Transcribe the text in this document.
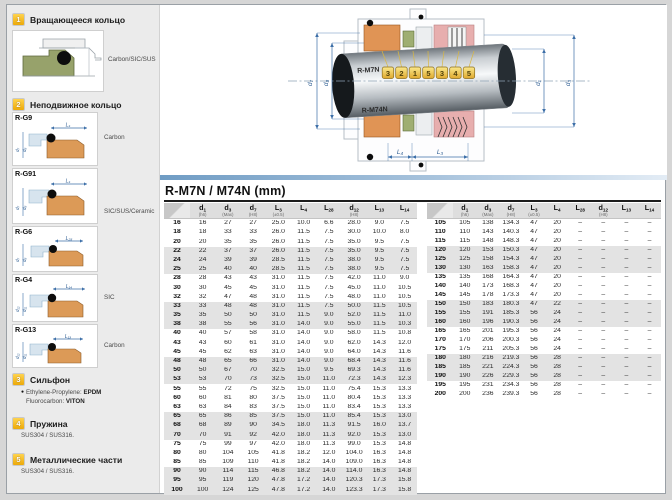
1	Вращающееся кольцо
Carbon/SIC/SUS
2	Неподвижное кольцо
R-G9
L₄
d₇ d₈
Carbon
R-G91
L₄
d₇ d₈
SIC/SUS/Ceramic
R-G6
L₂₈
d₇ d₈
R-G4
L₁₄
d₁₂ d₁₁
SIC
R-G13
L₁₃
d₁₂ d₁₁
Carbon
3	Сильфон
● Ethylene-Propylene: EPDM
Fluorocarbon: VITON
4	Пружина
SUS304 / SUS316.
5	Металлические части
SUS304 / SUS316.
R-M7N
R-M74N
3 2 1 5 3 4 5
d₇ d₈	d₁	d₃
L₄	L₃
R-M7N / M74N (mm)
$d_1$
(h6)
$d_3$
(Max)
$d_7$
(H8)
$L_3$
(±0.5)
$L_4$
	$L_{28}$
	$d_{12}$
(H8)
$L_{13}$
	$L_{14}$

16	16	27	27	25.0	10.0	6.6	28.0	9.0	7.5
18	18	33	33	26.0	11.5	7.5	30.0	10.0	8.0
20	20	35	35	26.0	11.5	7.5	35.0	9.5	7.5
22	22	37	37	26.0	11.5	7.5	35.0	9.5	7.5
24	24	39	39	28.5	11.5	7.5	38.0	9.5	7.5
25	25	40	40	28.5	11.5	7.5	38.0	9.5	7.5
28	28	43	43	31.0	11.5	7.5	42.0	11.0	9.0
30	30	45	45	31.0	11.5	7.5	45.0	11.0	10.5
32	32	47	48	31.0	11.5	7.5	48.0	11.0	10.5
33	33	48	48	31.0	11.5	7.5	50.0	11.5	10.5
35	35	50	50	31.0	11.5	9.0	52.0	11.5	11.0
38	38	55	56	31.0	14.0	9.0	55.0	11.5	10.3
40	40	57	58	31.0	14.0	9.0	58.0	11.5	10.8
43	43	60	61	31.0	14.0	9.0	62.0	14.3	12.0
45	45	62	63	31.0	14.0	9.0	64.0	14.3	11.6
48	48	65	66	31.0	14.0	9.0	68.4	14.3	11.6
50	50	67	70	32.5	15.0	9.5	69.3	14.3	11.6
53	53	70	73	32.5	15.0	11.0	72.3	14.3	12.3
55	55	72	75	32.5	15.0	11.0	75.4	15.3	13.3
60	60	81	80	37.5	15.0	11.0	80.4	15.3	13.3
63	63	84	83	37.5	15.0	11.0	83.4	15.3	13.3
65	65	86	85	37.5	15.0	11.0	85.4	15.3	13.0
68	68	89	90	34.5	18.0	11.3	91.5	16.0	13.7
70	70	91	92	42.0	18.0	11.3	92.0	15.3	13.0
75	75	99	97	42.0	18.0	11.3	99.0	15.3	14.8
80	80	104	105	41.8	18.2	12.0	104.0	16.3	14.8
85	85	109	110	41.8	18.2	14.0	109.0	16.3	14.8
90	90	114	115	46.8	18.2	14.0	114.0	16.3	14.8
95	95	119	120	47.8	17.2	14.0	120.3	17.3	15.8
100	100	124	125	47.8	17.2	14.0	123.3	17.3	15.8
$d_1$
(h6)
$d_3$
(Max)
$d_7$
(H8)
$L_3$
(±0.5)
$L_4$
	$L_{28}$
	$d_{12}$
(H8)
$L_{13}$
	$L_{14}$

105	105	138	134.3	47	20	–	–	–	–
110	110	143	140.3	47	20	–	–	–	–
115	115	148	148.3	47	20	–	–	–	–
120	120	153	150.3	47	20	–	–	–	–
125	125	158	154.3	47	20	–	–	–	–
130	130	163	158.3	47	20	–	–	–	–
135	135	168	164.3	47	20	–	–	–	–
140	140	173	168.3	47	20	–	–	–	–
145	145	178	173.3	47	20	–	–	–	–
150	150	183	180.3	47	22	–	–	–	–
155	155	191	185.3	56	24	–	–	–	–
160	160	196	190.3	56	24	–	–	–	–
165	165	201	195.3	56	24	–	–	–	–
170	170	206	200.3	56	24	–	–	–	–
175	175	211	205.3	56	24	–	–	–	–
180	180	216	219.3	56	28	–	–	–	–
185	185	221	224.3	56	28	–	–	–	–
190	190	226	229.3	56	28	–	–	–	–
195	195	231	234.3	56	28	–	–	–	–
200	200	236	239.3	56	28	–	–	–	–
